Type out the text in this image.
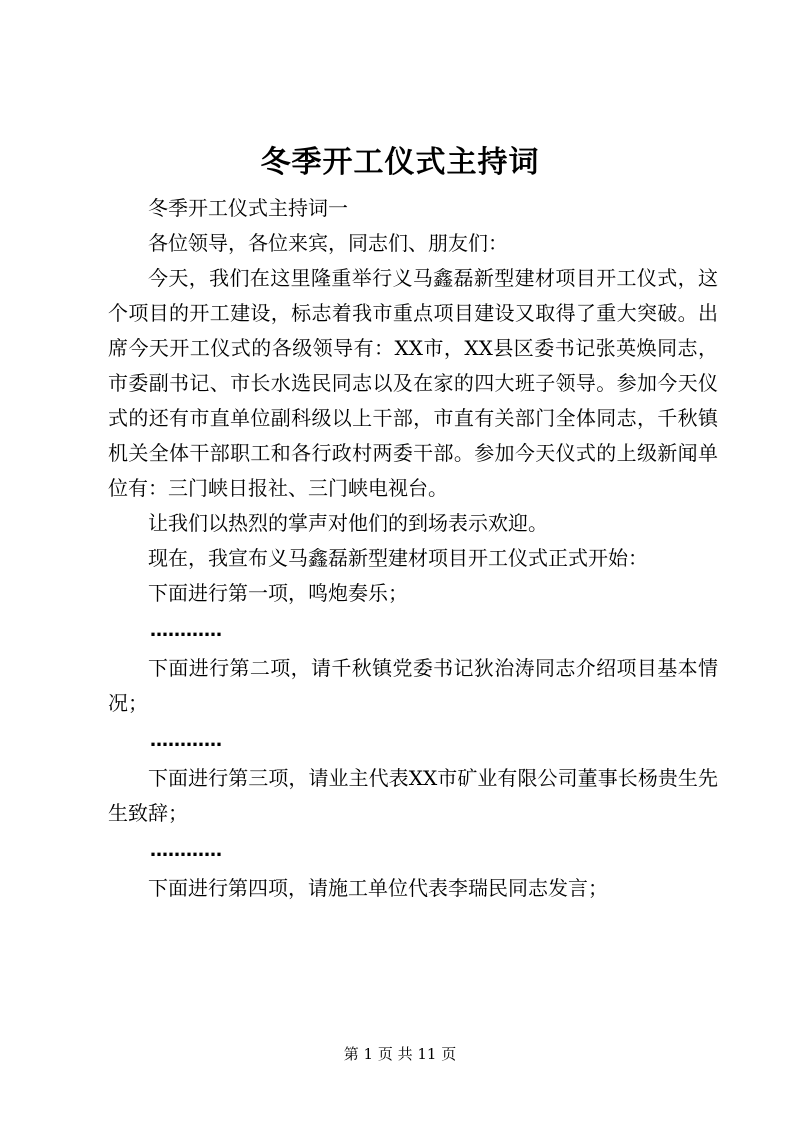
冬季开工仪式主持词

冬季开工仪式主持词一

各位领导，各位来宾，同志们、朋友们：

今天，我们在这里隆重举行义马鑫磊新型建材项目开工仪式，这个项目的开工建设，标志着我市重点项目建设又取得了重大突破。出席今天开工仪式的各级领导有：XX市，XX县区委书记张英焕同志，市委副书记、市长水选民同志以及在家的四大班子领导。参加今天仪式的还有市直单位副科级以上干部，市直有关部门全体同志，千秋镇机关全体干部职工和各行政村两委干部。参加今天仪式的上级新闻单位有：三门峡日报社、三门峡电视台。

让我们以热烈的掌声对他们的到场表示欢迎。

现在，我宣布义马鑫磊新型建材项目开工仪式正式开始：

下面进行第一项，鸣炮奏乐；

…………

下面进行第二项，请千秋镇党委书记狄治涛同志介绍项目基本情况；

…………

下面进行第三项，请业主代表XX市矿业有限公司董事长杨贵生先生致辞；

…………

下面进行第四项，请施工单位代表李瑞民同志发言；

第 1 页 共 11 页
